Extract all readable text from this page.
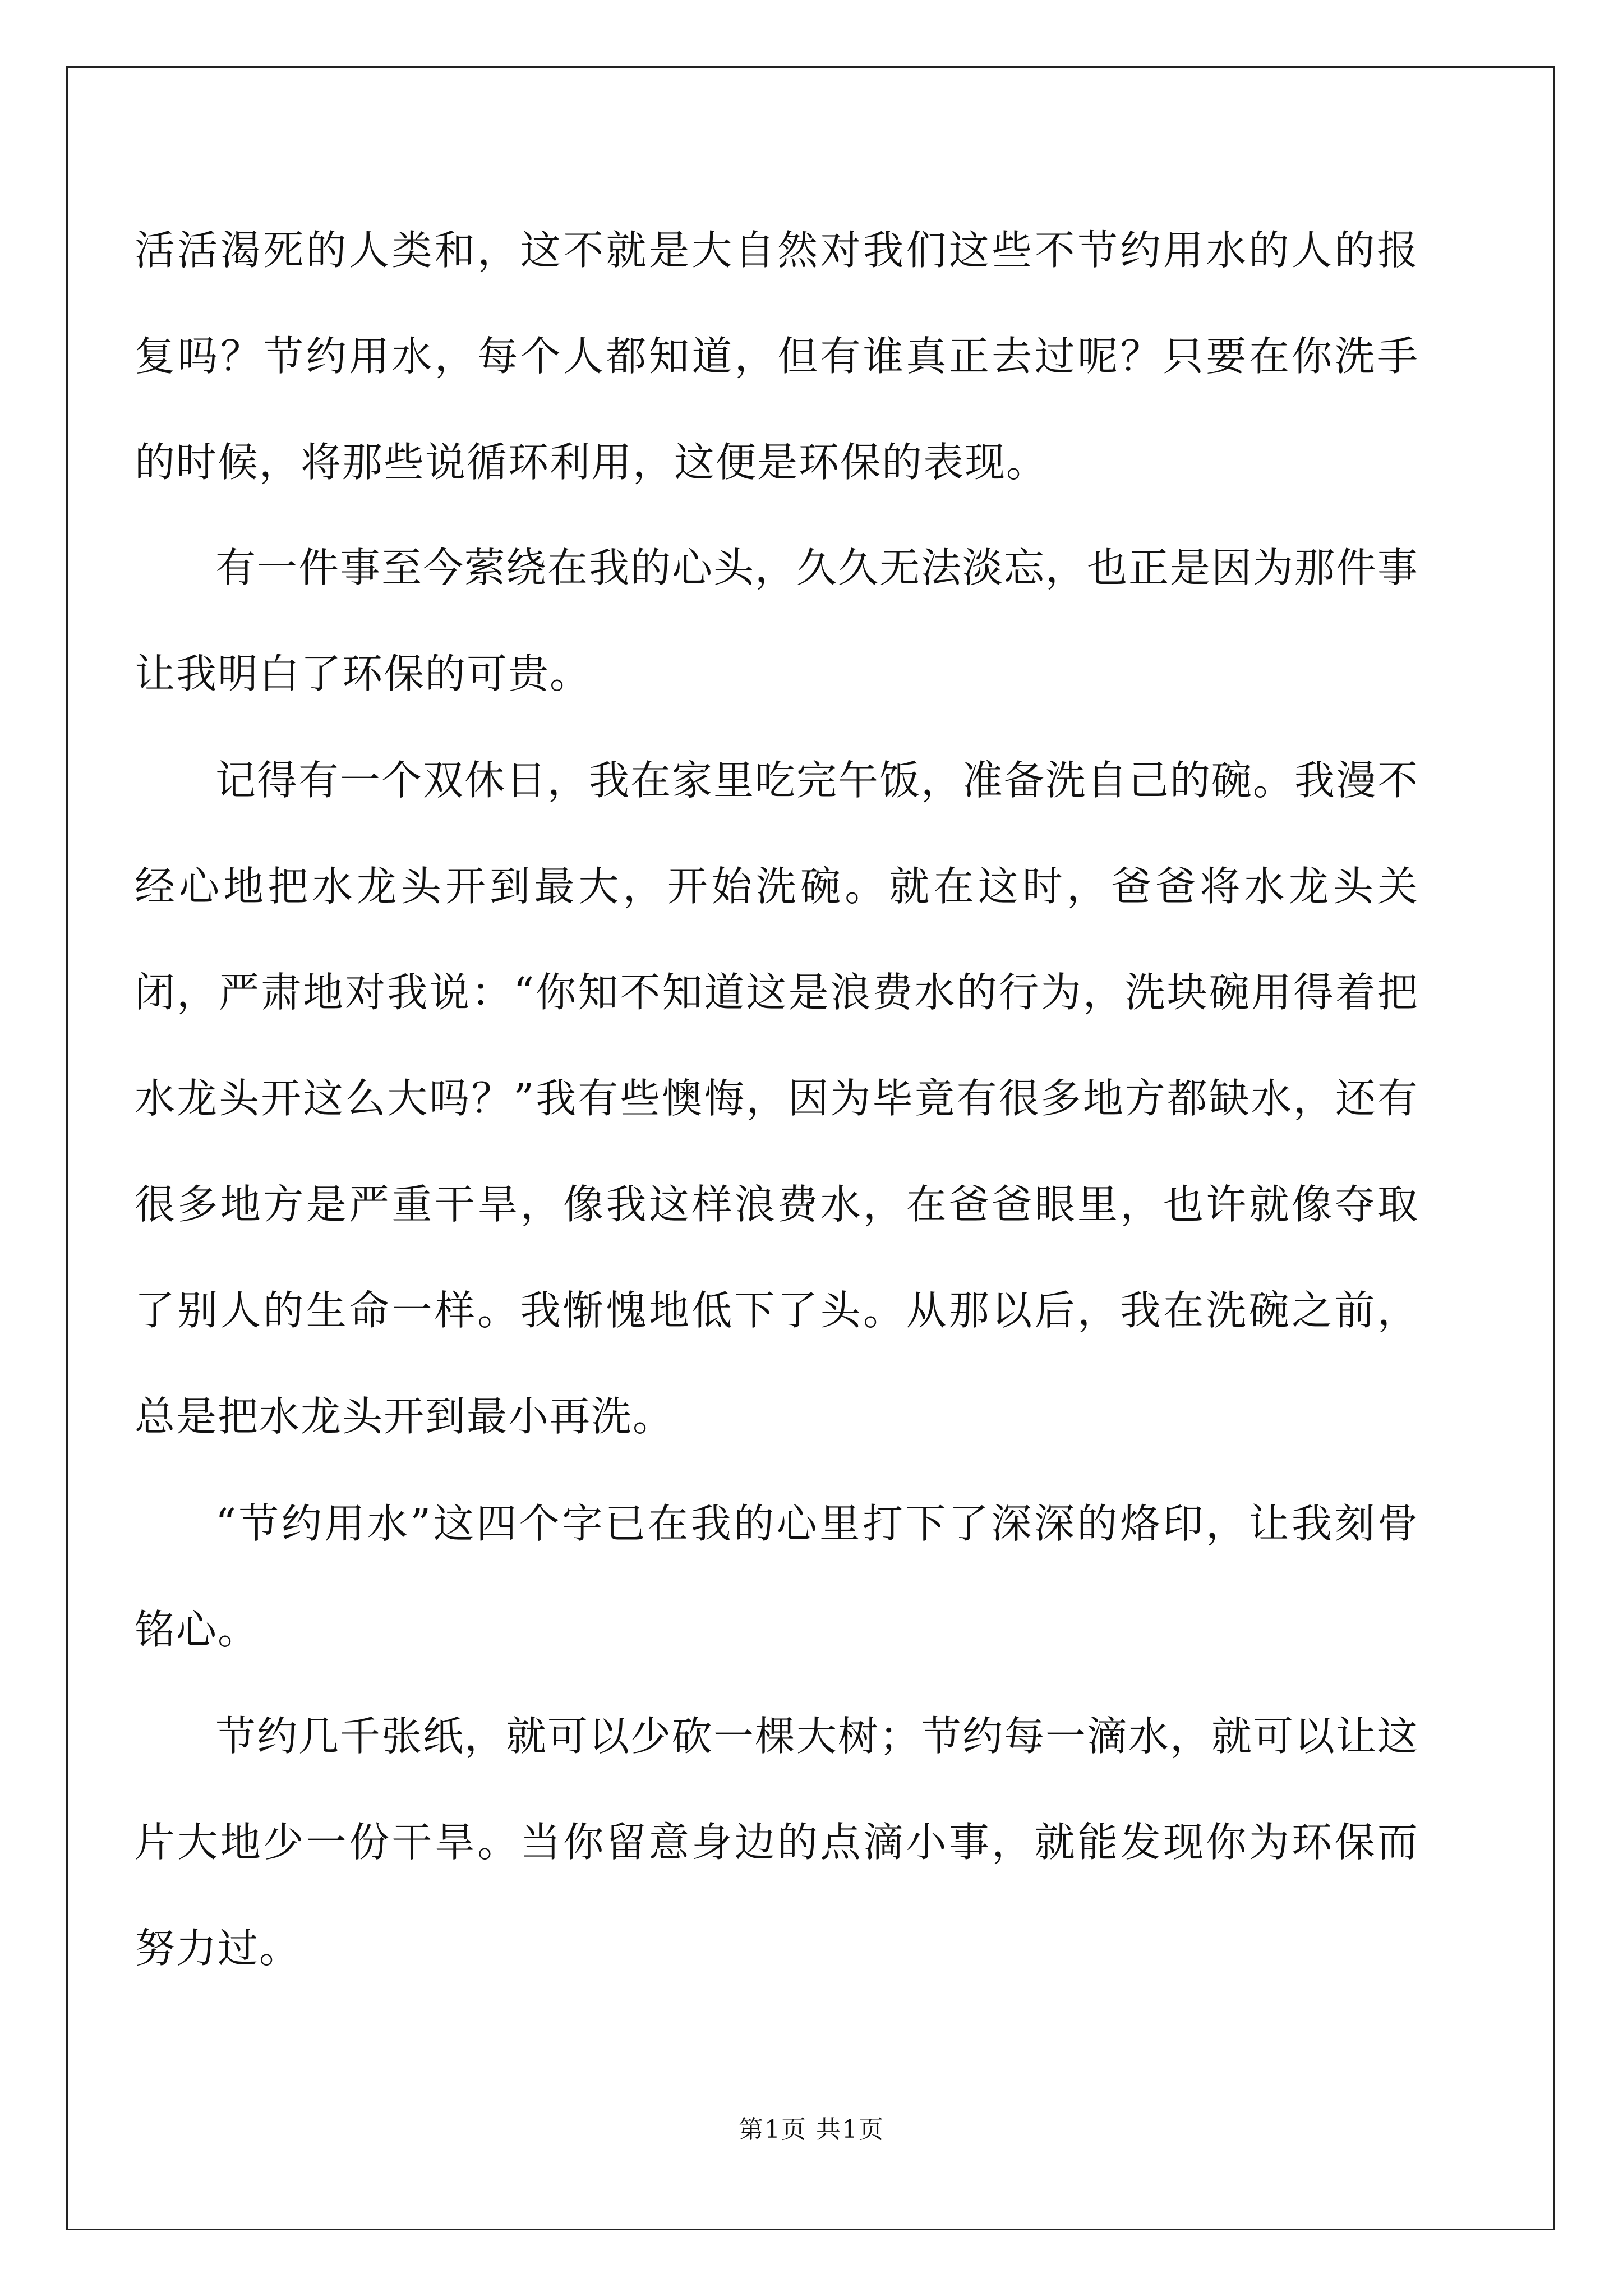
活活渴死的人类和，这不就是大自然对我们这些不节约用水的人的报复吗？节约用水，每个人都知道，但有谁真正去过呢？只要在你洗手的时候，将那些说循环利用，这便是环保的表现。

有一件事至今萦绕在我的心头，久久无法淡忘，也正是因为那件事让我明白了环保的可贵。

记得有一个双休日，我在家里吃完午饭，准备洗自己的碗。我漫不经心地把水龙头开到最大，开始洗碗。就在这时，爸爸将水龙头关闭，严肃地对我说：“你知不知道这是浪费水的行为，洗块碗用得着把水龙头开这么大吗？”我有些懊悔，因为毕竟有很多地方都缺水，还有很多地方是严重干旱，像我这样浪费水，在爸爸眼里，也许就像夺取了别人的生命一样。我惭愧地低下了头。从那以后，我在洗碗之前，总是把水龙头开到最小再洗。

“节约用水”这四个字已在我的心里打下了深深的烙印，让我刻骨铭心。

节约几千张纸，就可以少砍一棵大树；节约每一滴水，就可以让这片大地少一份干旱。当你留意身边的点滴小事，就能发现你为环保而努力过。

第1页 共1页
